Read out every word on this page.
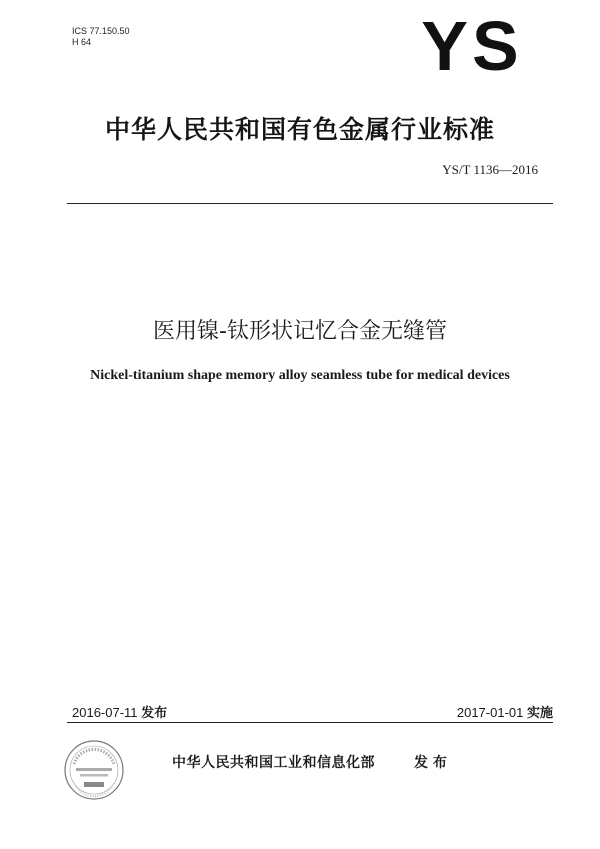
ICS 77.150.50
H 64	YS
中华人民共和国有色金属行业标准
YS/T 1136—2016
医用镍-钛形状记忆合金无缝管
Nickel-titanium shape memory alloy seamless tube for medical devices
2016-07-11 发布	2017-01-01 实施
中华人民共和国工业和信息化部	发 布
